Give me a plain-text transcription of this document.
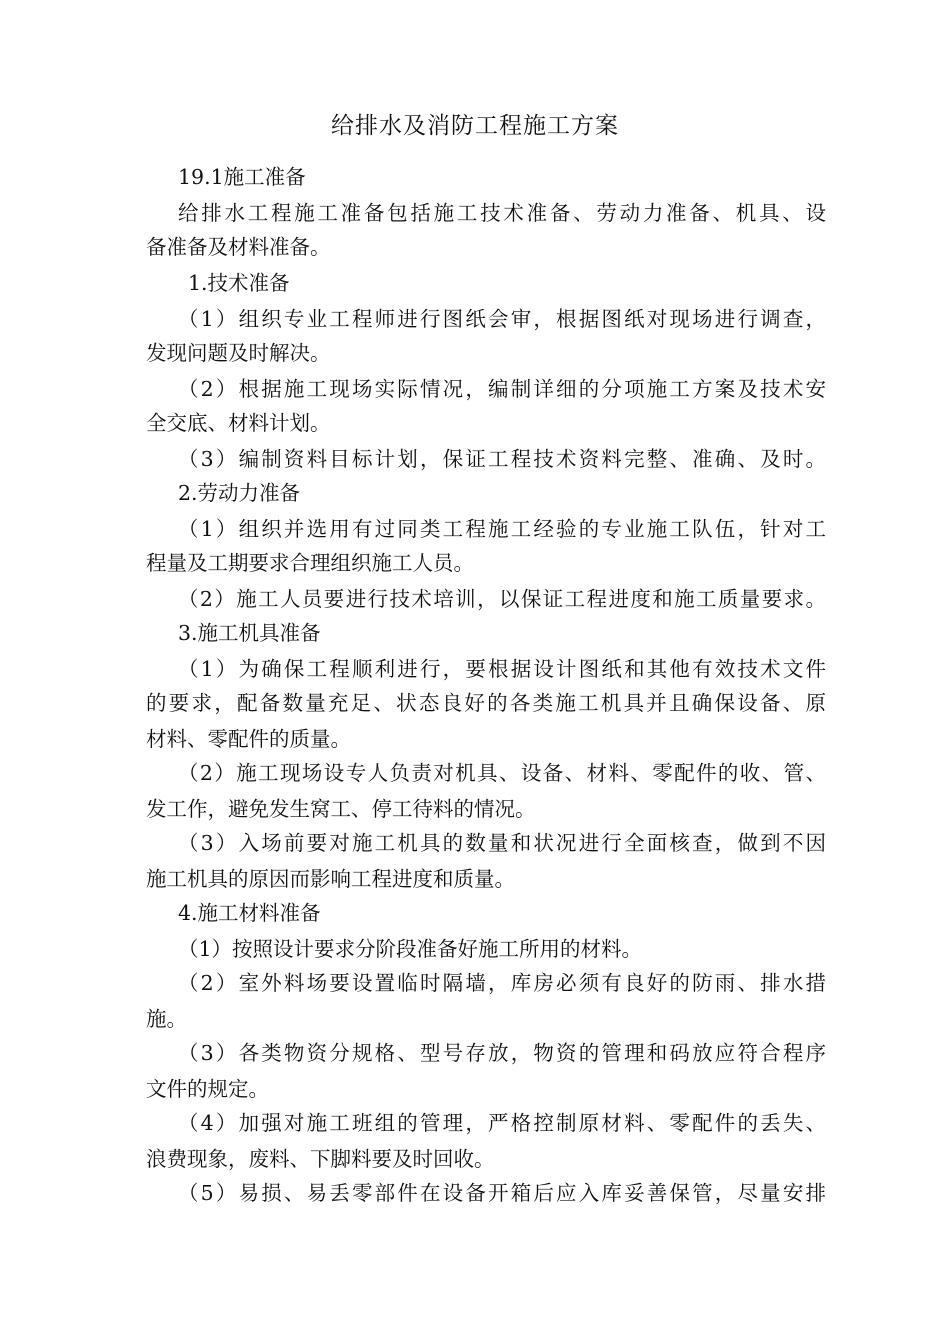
给排水及消防工程施工方案
19.1施工准备
给排水工程施工准备包括施工技术准备、劳动力准备、机具、设
备准备及材料准备。
1.技术准备
（1）组织专业工程师进行图纸会审，根据图纸对现场进行调查，
发现问题及时解决。
（2）根据施工现场实际情况，编制详细的分项施工方案及技术安
全交底、材料计划。
（3）编制资料目标计划，保证工程技术资料完整、准确、及时。
2.劳动力准备
（1）组织并选用有过同类工程施工经验的专业施工队伍，针对工
程量及工期要求合理组织施工人员。
（2）施工人员要进行技术培训，以保证工程进度和施工质量要求。
3.施工机具准备
（1）为确保工程顺利进行，要根据设计图纸和其他有效技术文件
的要求，配备数量充足、状态良好的各类施工机具并且确保设备、原
材料、零配件的质量。
（2）施工现场设专人负责对机具、设备、材料、零配件的收、管、
发工作，避免发生窝工、停工待料的情况。
（3）入场前要对施工机具的数量和状况进行全面核查，做到不因
施工机具的原因而影响工程进度和质量。
4.施工材料准备
（1）按照设计要求分阶段准备好施工所用的材料。
（2）室外料场要设置临时隔墙，库房必须有良好的防雨、排水措
施。
（3）各类物资分规格、型号存放，物资的管理和码放应符合程序
文件的规定。
（4）加强对施工班组的管理，严格控制原材料、零配件的丢失、
浪费现象，废料、下脚料要及时回收。
（5）易损、易丢零部件在设备开箱后应入库妥善保管，尽量安排
